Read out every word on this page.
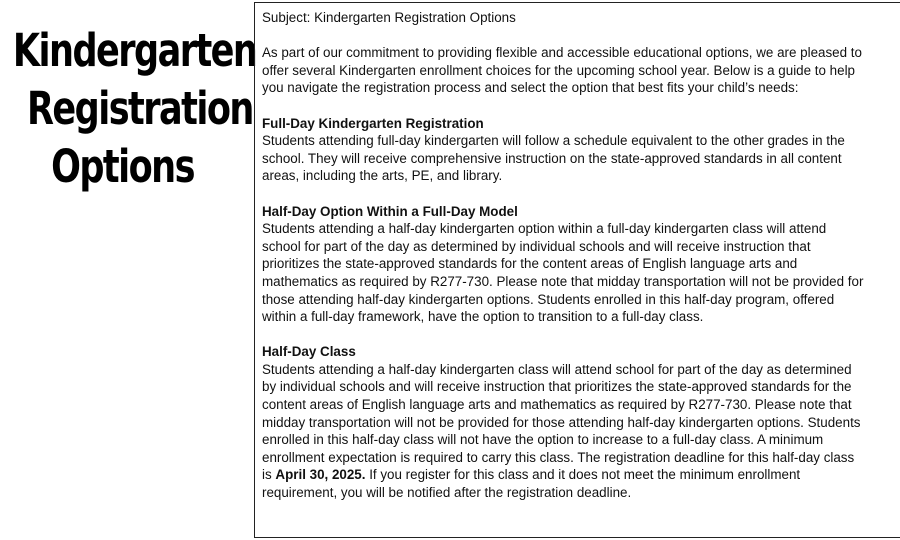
Kindergarten
Registration
Options

Subject: Kindergarten Registration Options

As part of our commitment to providing flexible and accessible educational options, we are pleased to
offer several Kindergarten enrollment choices for the upcoming school year. Below is a guide to help
you navigate the registration process and select the option that best fits your child’s needs:

Full-Day Kindergarten Registration
Students attending full-day kindergarten will follow a schedule equivalent to the other grades in the
school. They will receive comprehensive instruction on the state-approved standards in all content
areas, including the arts, PE, and library.

Half-Day Option Within a Full-Day Model
Students attending a half-day kindergarten option within a full-day kindergarten class will attend
school for part of the day as determined by individual schools and will receive instruction that
prioritizes the state-approved standards for the content areas of English language arts and
mathematics as required by R277-730. Please note that midday transportation will not be provided for
those attending half-day kindergarten options. Students enrolled in this half-day program, offered
within a full-day framework, have the option to transition to a full-day class.

Half-Day Class
Students attending a half-day kindergarten class will attend school for part of the day as determined
by individual schools and will receive instruction that prioritizes the state-approved standards for the
content areas of English language arts and mathematics as required by R277-730. Please note that
midday transportation will not be provided for those attending half-day kindergarten options. Students
enrolled in this half-day class will not have the option to increase to a full-day class. A minimum
enrollment expectation is required to carry this class. The registration deadline for this half-day class
is April 30, 2025. If you register for this class and it does not meet the minimum enrollment
requirement, you will be notified after the registration deadline.
